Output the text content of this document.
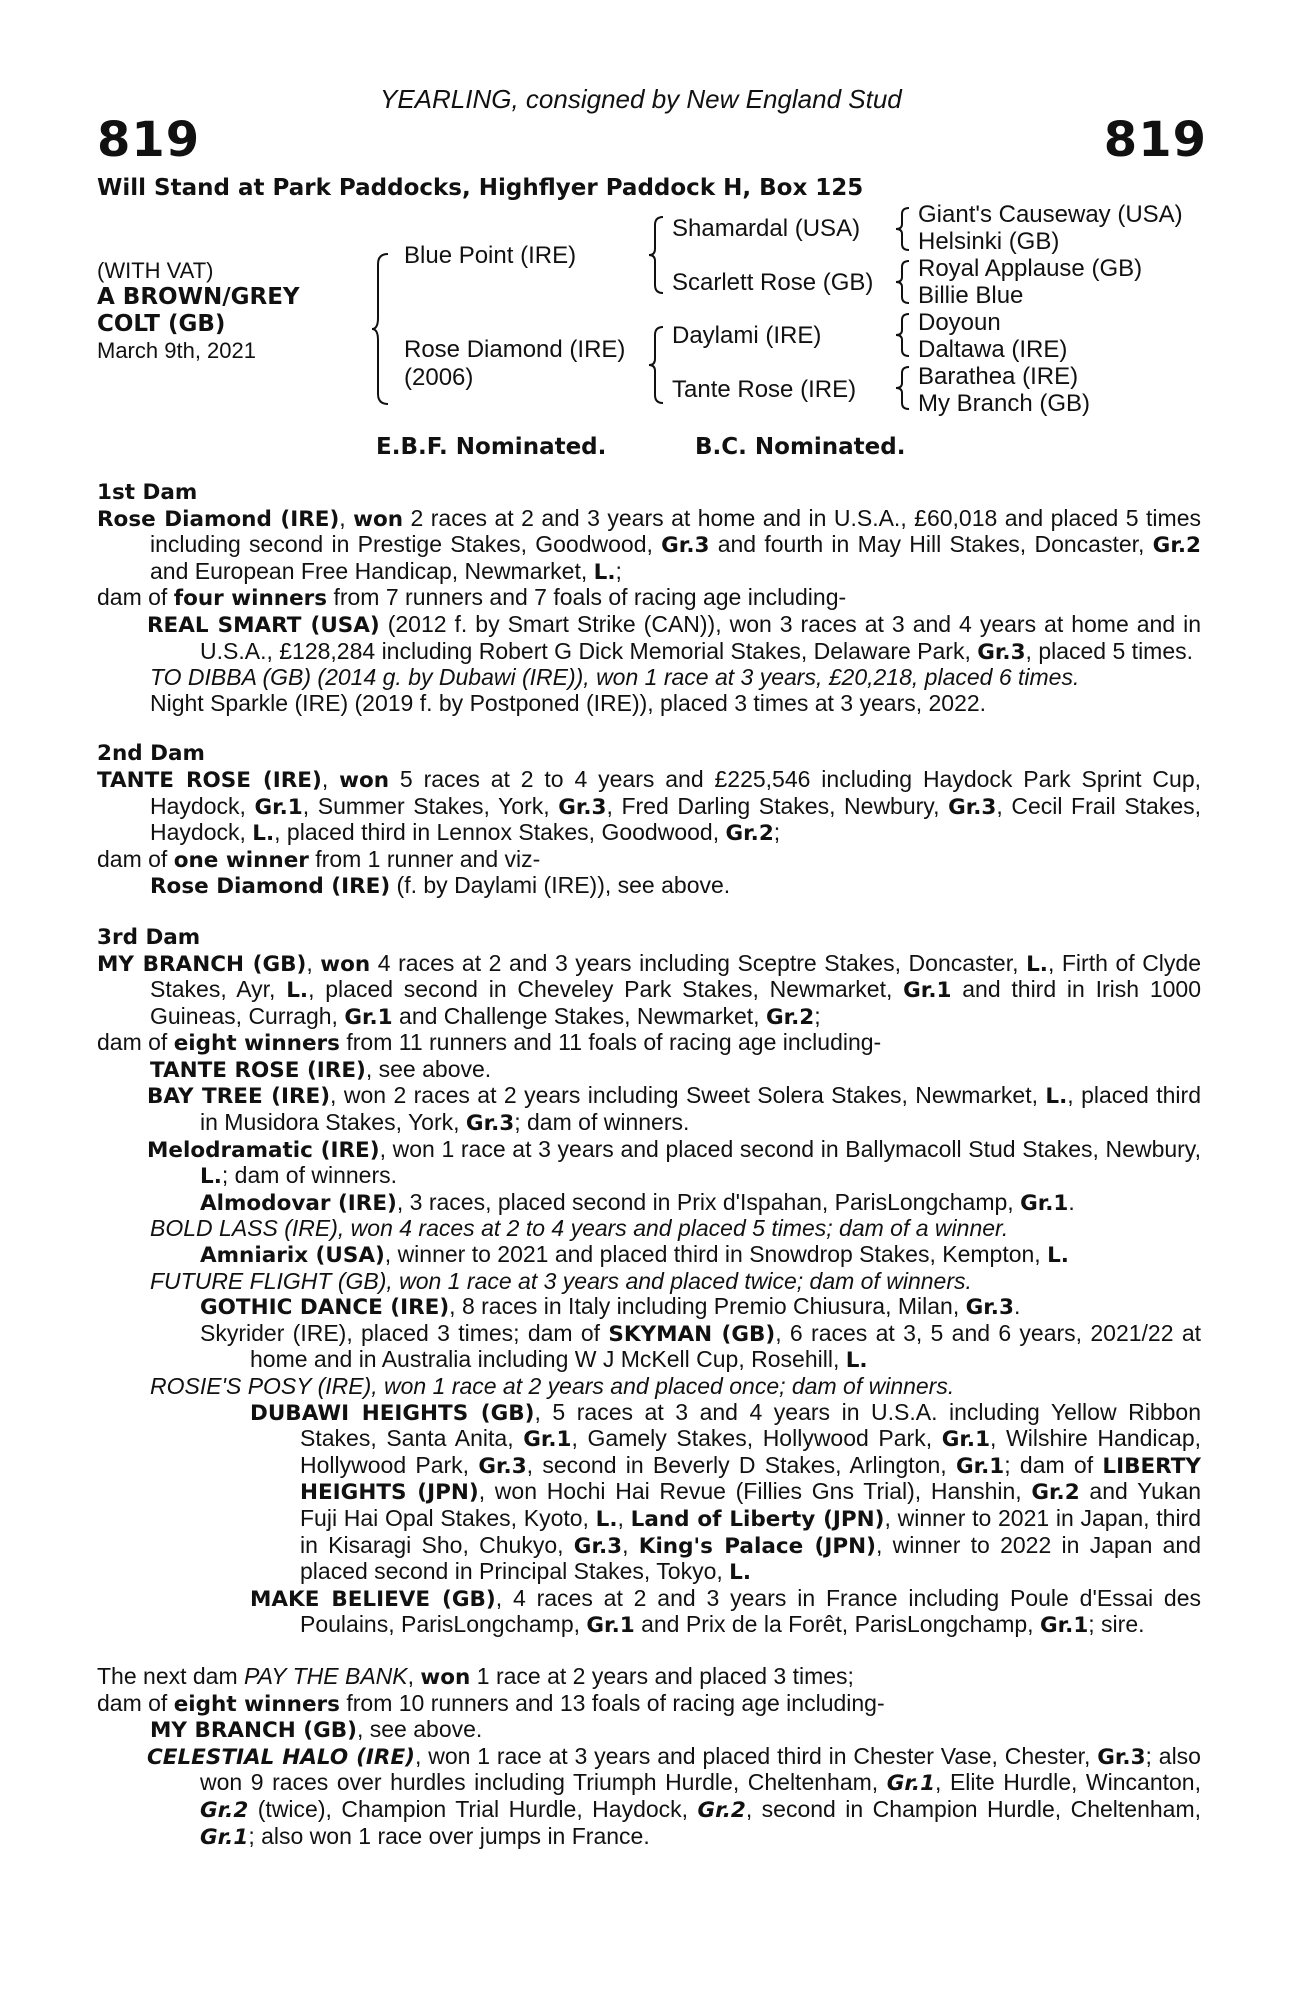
YEARLING, consigned by New England Stud
819	819
Will Stand at Park Paddocks, Highflyer Paddock H, Box 125
(WITH VAT)
A BROWN/GREY
COLT (GB)
March 9th, 2021
Blue Point (IRE)
Rose Diamond (IRE)
(2006)
Shamardal (USA)
Scarlett Rose (GB)
Daylami (IRE)
Tante Rose (IRE)
Giant's Causeway (USA)
Helsinki (GB)
Royal Applause (GB)
Billie Blue
Doyoun
Daltawa (IRE)
Barathea (IRE)
My Branch (GB)
E.B.F. Nominated.	B.C. Nominated.

1st Dam

Rose Diamond (IRE), won 2 races at 2 and 3 years at home and in U.S.A., £60,018 and placed 5 times including second in Prestige Stakes, Goodwood, Gr.3 and fourth in May Hill Stakes, Doncaster, Gr.2 and European Free Handicap, Newmarket, L.;

dam of four winners from 7 runners and 7 foals of racing age including-

REAL SMART (USA) (2012 f. by Smart Strike (CAN)), won 3 races at 3 and 4 years at home and in U.S.A., £128,284 including Robert G Dick Memorial Stakes, Delaware Park, Gr.3, placed 5 times.

TO DIBBA (GB) (2014 g. by Dubawi (IRE)), won 1 race at 3 years, £20,218, placed 6 times.

Night Sparkle (IRE) (2019 f. by Postponed (IRE)), placed 3 times at 3 years, 2022.

2nd Dam

TANTE ROSE (IRE), won 5 races at 2 to 4 years and £225,546 including Haydock Park Sprint Cup, Haydock, Gr.1, Summer Stakes, York, Gr.3, Fred Darling Stakes, Newbury, Gr.3, Cecil Frail Stakes, Haydock, L., placed third in Lennox Stakes, Goodwood, Gr.2;

dam of one winner from 1 runner and viz-

Rose Diamond (IRE) (f. by Daylami (IRE)), see above.

3rd Dam

MY BRANCH (GB), won 4 races at 2 and 3 years including Sceptre Stakes, Doncaster, L., Firth of Clyde Stakes, Ayr, L., placed second in Cheveley Park Stakes, Newmarket, Gr.1 and third in Irish 1000 Guineas, Curragh, Gr.1 and Challenge Stakes, Newmarket, Gr.2;

dam of eight winners from 11 runners and 11 foals of racing age including-

TANTE ROSE (IRE), see above.

BAY TREE (IRE), won 2 races at 2 years including Sweet Solera Stakes, Newmarket, L., placed third in Musidora Stakes, York, Gr.3; dam of winners.

Melodramatic (IRE), won 1 race at 3 years and placed second in Ballymacoll Stud Stakes, Newbury, L.; dam of winners.

Almodovar (IRE), 3 races, placed second in Prix d'Ispahan, ParisLongchamp, Gr.1.

BOLD LASS (IRE), won 4 races at 2 to 4 years and placed 5 times; dam of a winner.

Amniarix (USA), winner to 2021 and placed third in Snowdrop Stakes, Kempton, L.

FUTURE FLIGHT (GB), won 1 race at 3 years and placed twice; dam of winners.

GOTHIC DANCE (IRE), 8 races in Italy including Premio Chiusura, Milan, Gr.3.

Skyrider (IRE), placed 3 times; dam of SKYMAN (GB), 6 races at 3, 5 and 6 years, 2021/22 at home and in Australia including W J McKell Cup, Rosehill, L.

ROSIE'S POSY (IRE), won 1 race at 2 years and placed once; dam of winners.

DUBAWI HEIGHTS (GB), 5 races at 3 and 4 years in U.S.A. including Yellow Ribbon Stakes, Santa Anita, Gr.1, Gamely Stakes, Hollywood Park, Gr.1, Wilshire Handicap, Hollywood Park, Gr.3, second in Beverly D Stakes, Arlington, Gr.1; dam of LIBERTY HEIGHTS (JPN), won Hochi Hai Revue (Fillies Gns Trial), Hanshin, Gr.2 and Yukan Fuji Hai Opal Stakes, Kyoto, L., Land of Liberty (JPN), winner to 2021 in Japan, third in Kisaragi Sho, Chukyo, Gr.3, King's Palace (JPN), winner to 2022 in Japan and placed second in Principal Stakes, Tokyo, L.

MAKE BELIEVE (GB), 4 races at 2 and 3 years in France including Poule d'Essai des Poulains, ParisLongchamp, Gr.1 and Prix de la Forêt, ParisLongchamp, Gr.1; sire.

The next dam PAY THE BANK, won 1 race at 2 years and placed 3 times;

dam of eight winners from 10 runners and 13 foals of racing age including-

MY BRANCH (GB), see above.

CELESTIAL HALO (IRE), won 1 race at 3 years and placed third in Chester Vase, Chester, Gr.3; also won 9 races over hurdles including Triumph Hurdle, Cheltenham, Gr.1, Elite Hurdle, Wincanton, Gr.2 (twice), Champion Trial Hurdle, Haydock, Gr.2, second in Champion Hurdle, Cheltenham, Gr.1; also won 1 race over jumps in France.
